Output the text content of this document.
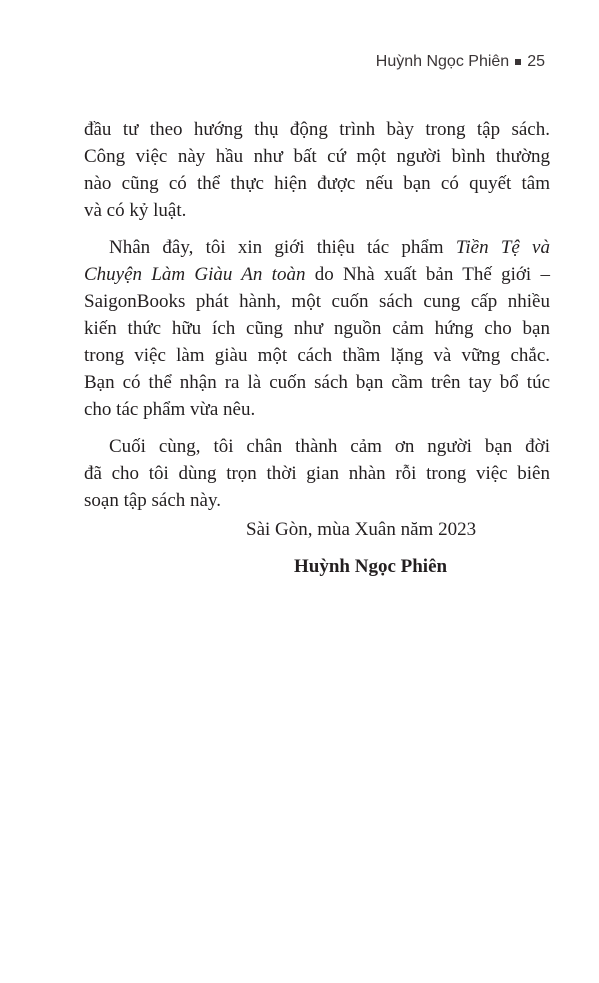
Huỳnh Ngọc Phiên 25
đầu tư theo hướng thụ động trình bày trong tập sách.
Công việc này hầu như bất cứ một người bình thường
nào cũng có thể thực hiện được nếu bạn có quyết tâm
và có kỷ luật.
Nhân đây, tôi xin giới thiệu tác phẩm Tiền Tệ và
Chuyện Làm Giàu An toàn do Nhà xuất bản Thế giới –
SaigonBooks phát hành, một cuốn sách cung cấp nhiều
kiến thức hữu ích cũng như nguồn cảm hứng cho bạn
trong việc làm giàu một cách thầm lặng và vững chắc.
Bạn có thể nhận ra là cuốn sách bạn cầm trên tay bổ túc
cho tác phẩm vừa nêu.
Cuối cùng, tôi chân thành cảm ơn người bạn đời
đã cho tôi dùng trọn thời gian nhàn rỗi trong việc biên
soạn tập sách này.
Sài Gòn, mùa Xuân năm 2023
Huỳnh Ngọc Phiên
